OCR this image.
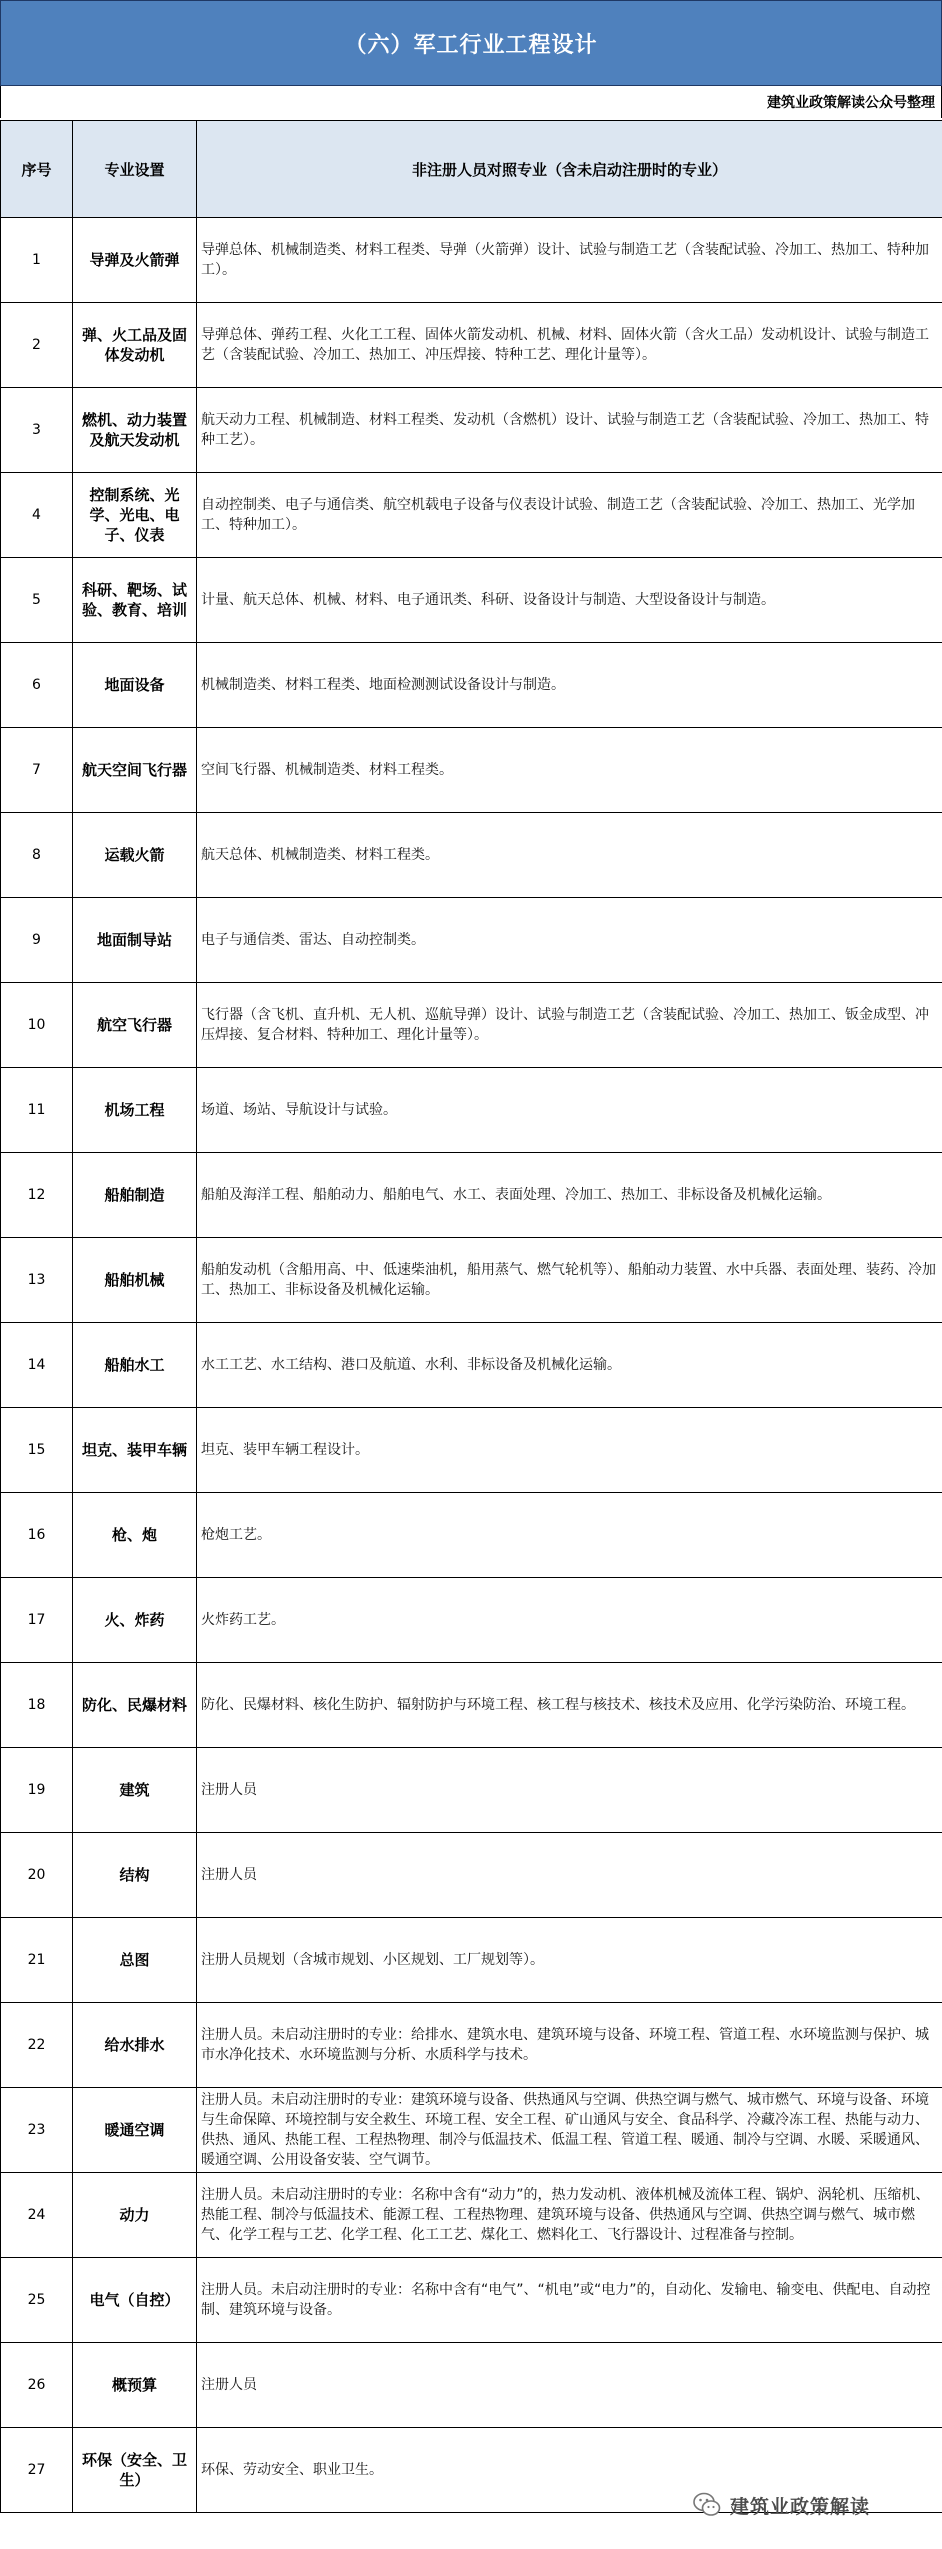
（六）军工行业工程设计
建筑业政策解读公众号整理
序号	专业设置	非注册人员对照专业（含未启动注册时的专业）
1	导弹及火箭弹	导弹总体、机械制造类、材料工程类、导弹（火箭弹）设计、试验与制造工艺（含装配试验、冷加工、热加工、特种加工）。
2	弹、火工品及固体发动机	导弹总体、弹药工程、火化工工程、固体火箭发动机、机械、材料、固体火箭（含火工品）发动机设计、试验与制造工艺（含装配试验、冷加工、热加工、冲压焊接、特种工艺、理化计量等）。
3	燃机、动力装置及航天发动机	航天动力工程、机械制造、材料工程类、发动机（含燃机）设计、试验与制造工艺（含装配试验、冷加工、热加工、特种工艺）。
4	控制系统、光学、光电、电子、仪表	自动控制类、电子与通信类、航空机载电子设备与仪表设计试验、制造工艺（含装配试验、冷加工、热加工、光学加工、特种加工）。
5	科研、靶场、试验、教育、培训	计量、航天总体、机械、材料、电子通讯类、科研、设备设计与制造、大型设备设计与制造。
6	地面设备	机械制造类、材料工程类、地面检测测试设备设计与制造。
7	航天空间飞行器	空间飞行器、机械制造类、材料工程类。
8	运载火箭	航天总体、机械制造类、材料工程类。
9	地面制导站	电子与通信类、雷达、自动控制类。
10	航空飞行器	飞行器（含飞机、直升机、无人机、巡航导弹）设计、试验与制造工艺（含装配试验、冷加工、热加工、钣金成型、冲压焊接、复合材料、特种加工、理化计量等）。
11	机场工程	场道、场站、导航设计与试验。
12	船舶制造	船舶及海洋工程、船舶动力、船舶电气、水工、表面处理、冷加工、热加工、非标设备及机械化运输。
13	船舶机械	船舶发动机（含船用高、中、低速柴油机，船用蒸气、燃气轮机等）、船舶动力装置、水中兵器、表面处理、装药、冷加工、热加工、非标设备及机械化运输。
14	船舶水工	水工工艺、水工结构、港口及航道、水利、非标设备及机械化运输。
15	坦克、装甲车辆	坦克、装甲车辆工程设计。
16	枪、炮	枪炮工艺。
17	火、炸药	火炸药工艺。
18	防化、民爆材料	防化、民爆材料、核化生防护、辐射防护与环境工程、核工程与核技术、核技术及应用、化学污染防治、环境工程。
19	建筑	注册人员
20	结构	注册人员
21	总图	注册人员规划（含城市规划、小区规划、工厂规划等）。
22	给水排水	注册人员。未启动注册时的专业：给排水、建筑水电、建筑环境与设备、环境工程、管道工程、水环境监测与保护、城市水净化技术、水环境监测与分析、水质科学与技术。
23	暖通空调	注册人员。未启动注册时的专业：建筑环境与设备、供热通风与空调、供热空调与燃气、城市燃气、环境与设备、环境与生命保障、环境控制与安全救生、环境工程、安全工程、矿山通风与安全、食品科学、冷藏冷冻工程、热能与动力、供热、通风、热能工程、工程热物理、制冷与低温技术、低温工程、管道工程、暖通、制冷与空调、水暖、采暖通风、暖通空调、公用设备安装、空气调节。
24	动力	注册人员。未启动注册时的专业：名称中含有“动力”的，热力发动机、液体机械及流体工程、锅炉、涡轮机、压缩机、热能工程、制冷与低温技术、能源工程、工程热物理、建筑环境与设备、供热通风与空调、供热空调与燃气、城市燃气、化学工程与工艺、化学工程、化工工艺、煤化工、燃料化工、飞行器设计、过程准备与控制。
25	电气（自控）	注册人员。未启动注册时的专业：名称中含有“电气”、“机电”或“电力”的，自动化、发输电、输变电、供配电、自动控制、建筑环境与设备。
26	概预算	注册人员
27	环保（安全、卫生）	环保、劳动安全、职业卫生。
建筑业政策解读
